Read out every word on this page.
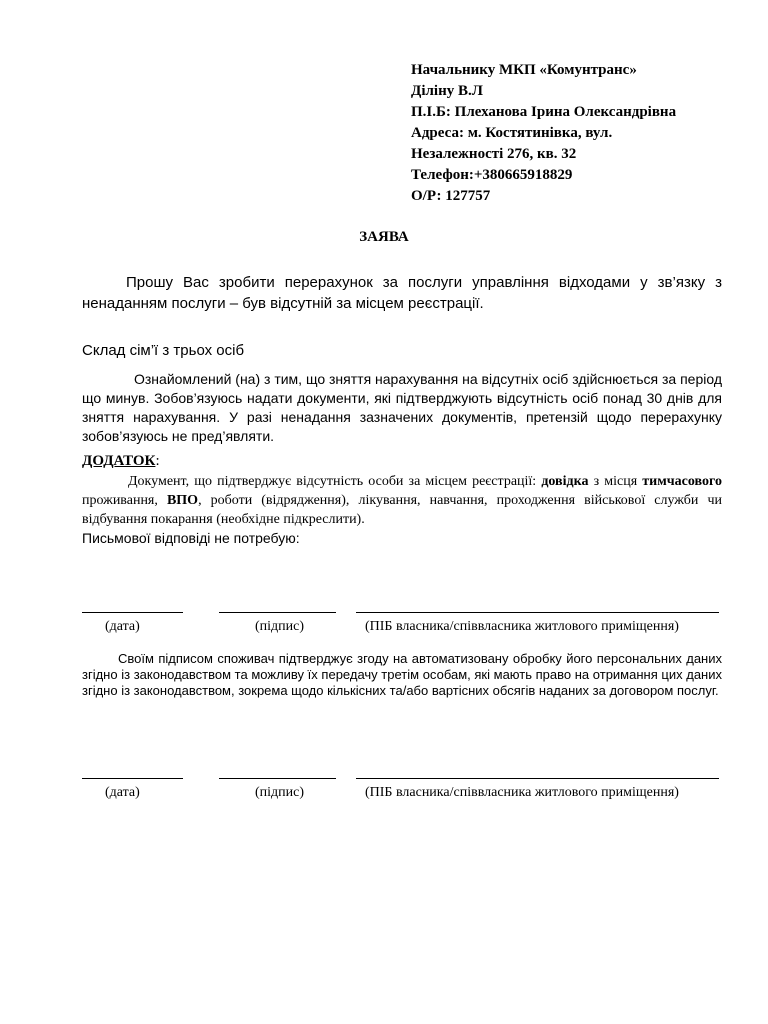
Начальнику МКП «Комунтранс»
Діліну В.Л
П.І.Б: Плеханова Ірина Олександрівна
Адреса: м. Костятинівка, вул.
Незалежності 276, кв. 32
Телефон:+380665918829
О/Р: 127757
ЗАЯВА
Прошу Вас зробити перерахунок за послуги управління відходами у зв’язку з ненаданням послуги – був відсутній за місцем реєстрації.
Склад сім’ї з трьох осіб
Ознайомлений (на) з тим, що зняття нарахування на відсутніх осіб здійснюється за період що минув. Зобов’язуюсь надати документи, які підтверджують відсутність осіб понад 30 днів для зняття нарахування. У разі ненадання зазначених документів, претензій щодо перерахунку зобов’язуюсь не пред’являти.
ДОДАТОК:
Документ, що підтверджує відсутність особи за місцем реєстрації: довідка з місця тимчасового проживання, ВПО, роботи (відрядження), лікування, навчання, проходження військової служби чи відбування покарання (необхідне підкреслити).
Письмової відповіді не потребую:
(дата)	(підпис)	(ПІБ власника/співвласника житлового приміщення)
Своїм підписом споживач підтверджує згоду на автоматизовану обробку його персональних даних згідно із законодавством та можливу їх передачу третім особам, які мають право на отримання цих даних згідно із законодавством, зокрема щодо кількісних та/або вартісних обсягів наданих за договором послуг.
(дата)	(підпис)	(ПІБ власника/співвласника житлового приміщення)
